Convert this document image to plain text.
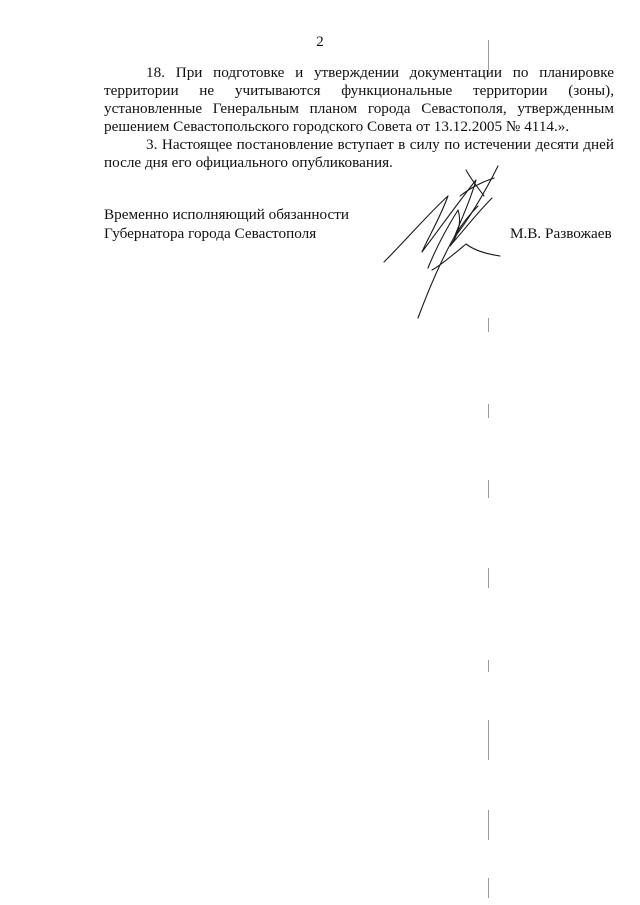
2

18. При подготовке и утверждении документации по планировке территории не учитываются функциональные территории (зоны), установленные Генеральным планом города Севастополя, утвержденным решением Севастопольского городского Совета от 13.12.2005 № 4114.».

3. Настоящее постановление вступает в силу по истечении десяти дней после дня его официального опубликования.

Временно исполняющий обязанности
Губернатора города Севастополя	М.В. Развожаев
